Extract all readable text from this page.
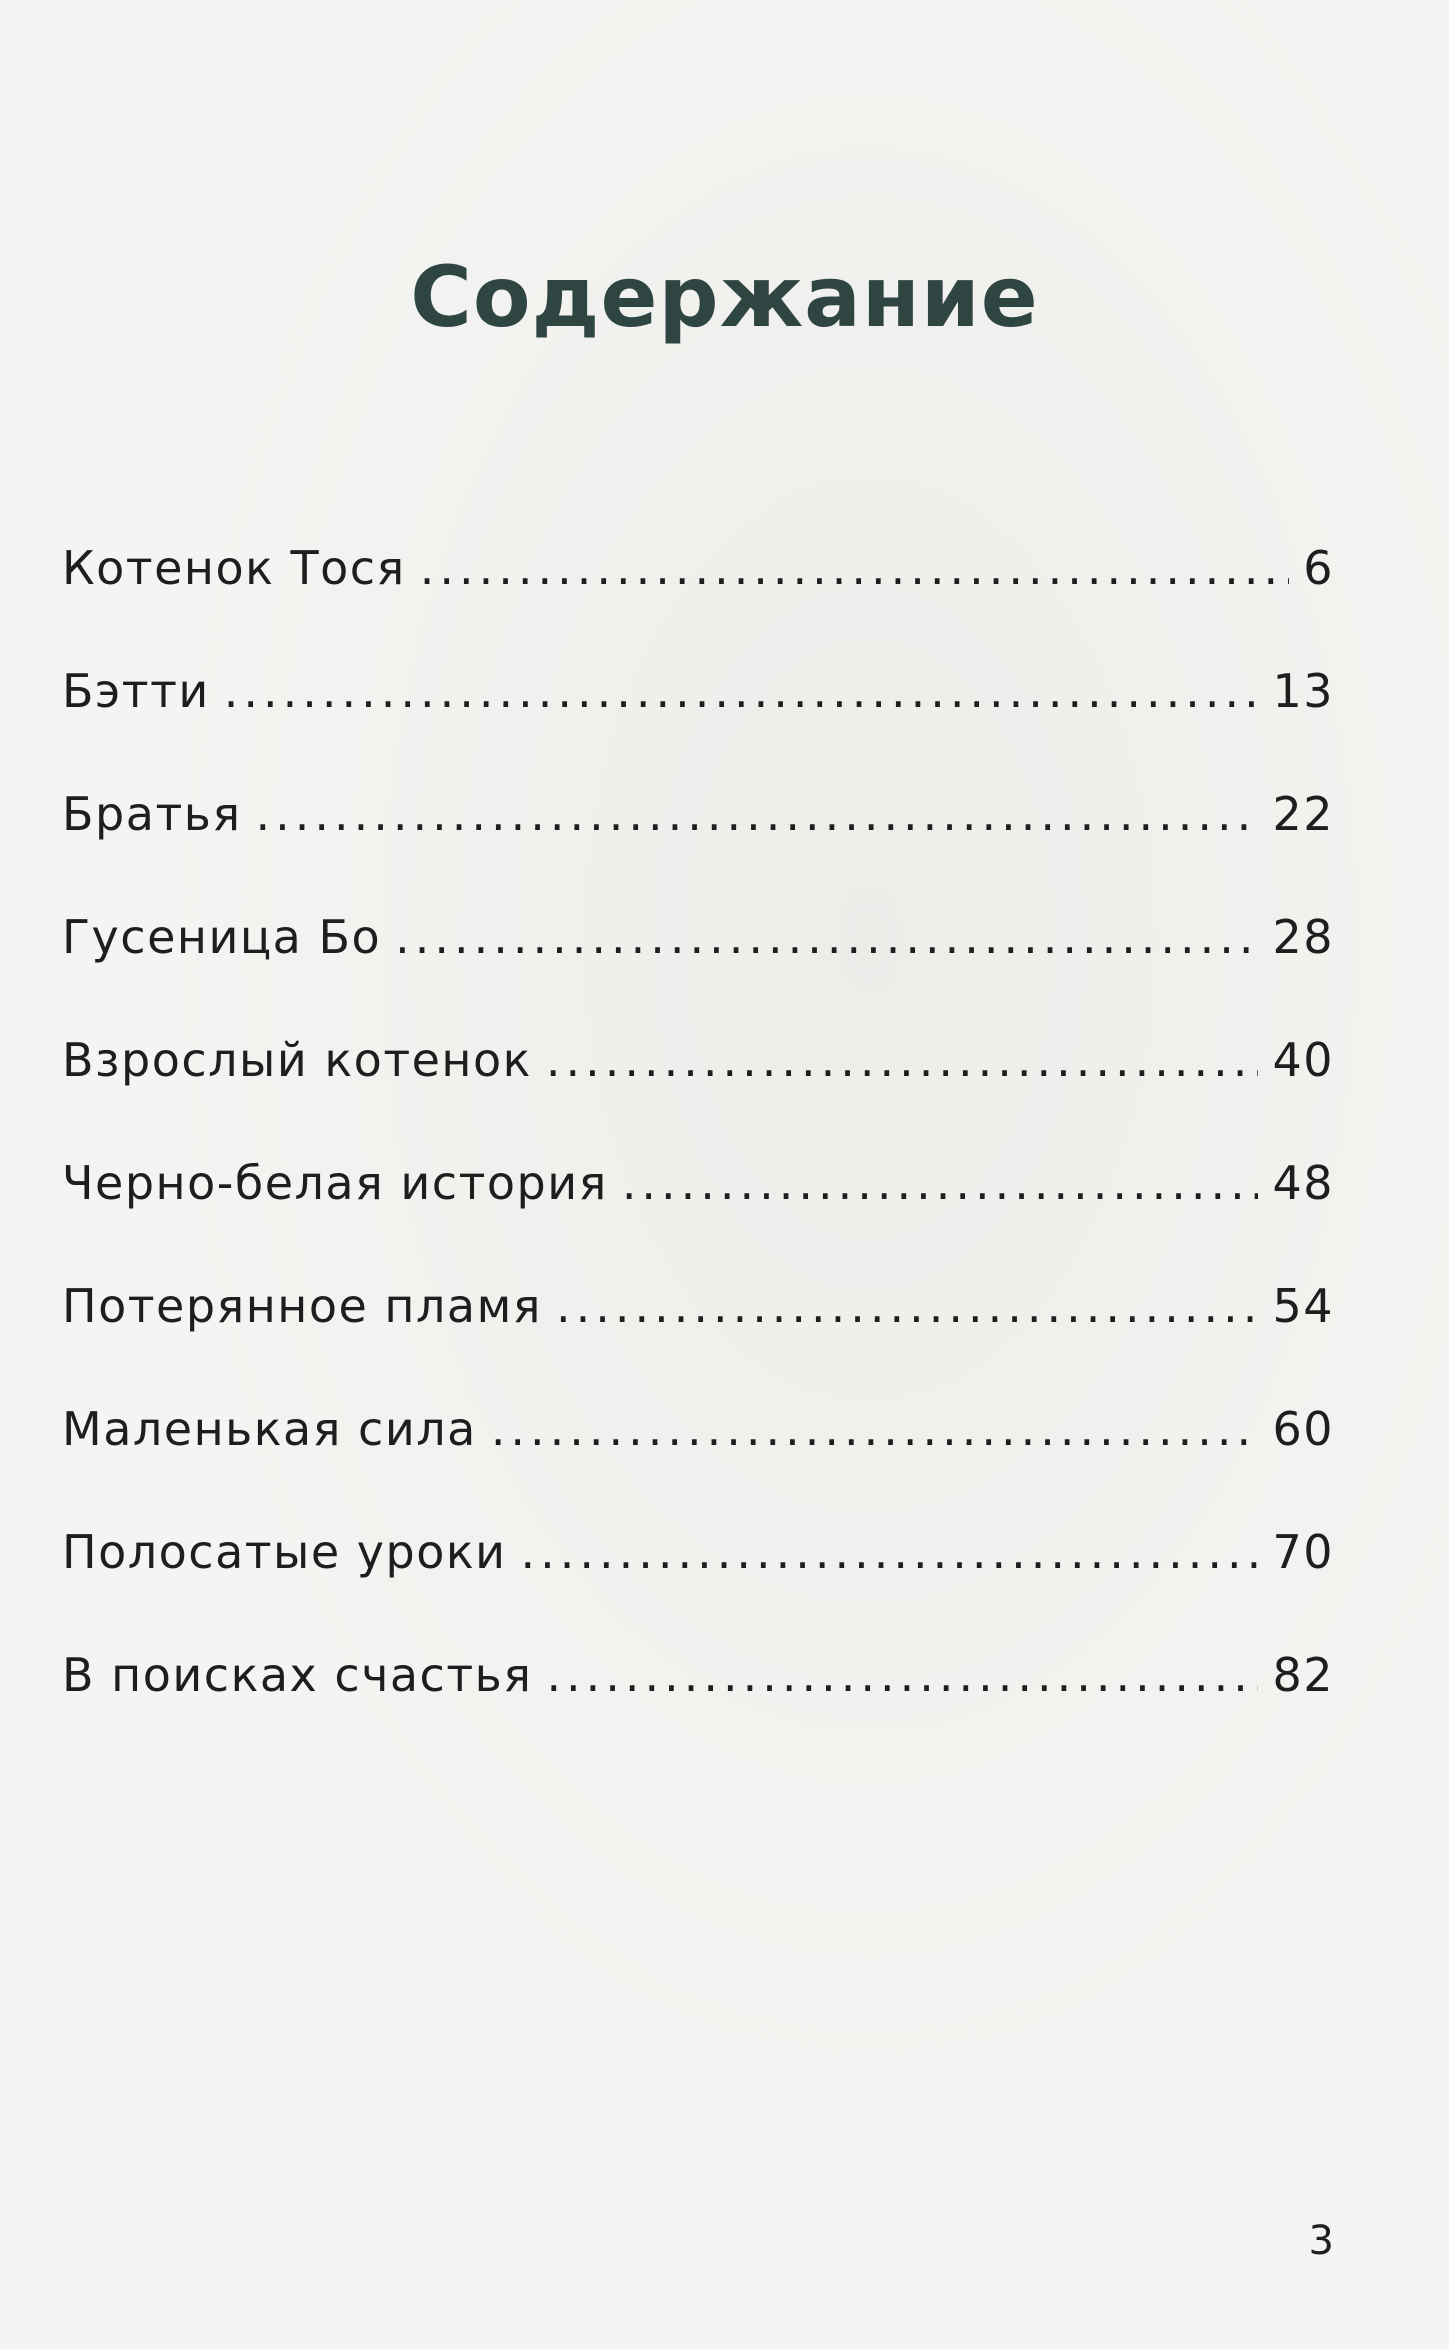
Содержание
Котенок Тося .....	6
Бэтти .....	13
Братья .....	22
Гусеница Бо .....	28
Взрослый котенок .....	40
Черно-белая история .....	48
Потерянное пламя .....	54
Маленькая сила .....	60
Полосатые уроки .....	70
В поисках счастья .....	82
3
